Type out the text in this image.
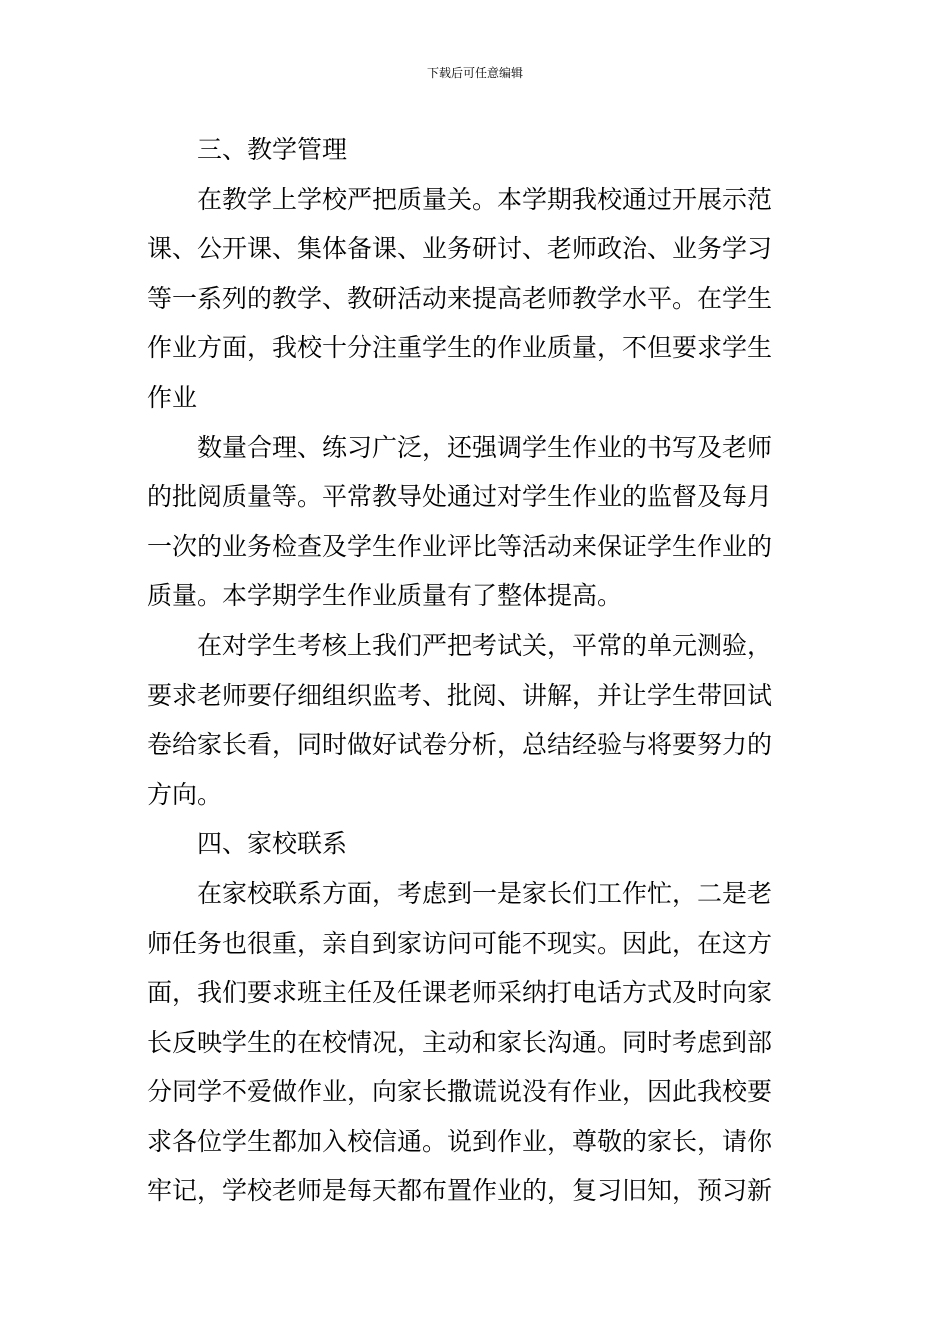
下载后可任意编辑
三、教学管理
在教学上学校严把质量关。本学期我校通过开展示范
课、公开课、集体备课、业务研讨、老师政治、业务学习
等一系列的教学、教研活动来提高老师教学水平。在学生
作业方面，我校十分注重学生的作业质量，不但要求学生
作业
数量合理、练习广泛，还强调学生作业的书写及老师
的批阅质量等。平常教导处通过对学生作业的监督及每月
一次的业务检查及学生作业评比等活动来保证学生作业的
质量。本学期学生作业质量有了整体提高。
在对学生考核上我们严把考试关，平常的单元测验，
要求老师要仔细组织监考、批阅、讲解，并让学生带回试
卷给家长看，同时做好试卷分析，总结经验与将要努力的
方向。
四、家校联系
在家校联系方面，考虑到一是家长们工作忙，二是老
师任务也很重，亲自到家访问可能不现实。因此，在这方
面，我们要求班主任及任课老师采纳打电话方式及时向家
长反映学生的在校情况，主动和家长沟通。同时考虑到部
分同学不爱做作业，向家长撒谎说没有作业，因此我校要
求各位学生都加入校信通。说到作业，尊敬的家长，请你
牢记，学校老师是每天都布置作业的，复习旧知，预习新
